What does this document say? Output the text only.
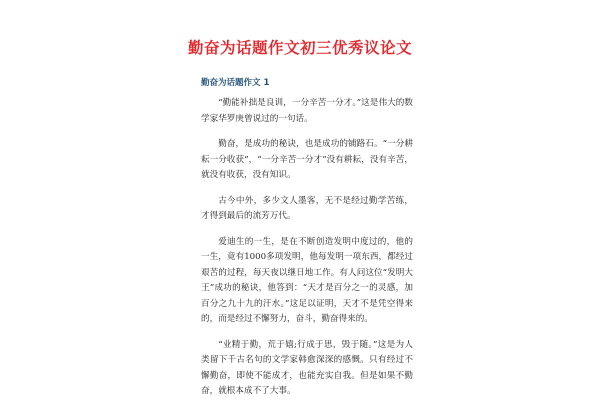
勤奋为话题作文初三优秀议论文
勤奋为话题作文 1

“勤能补拙是良训，一分辛苦一分才。”这是伟大的数学家华罗庚曾说过的一句话。

勤奋，是成功的秘诀，也是成功的铺路石。“一分耕耘一分收获”，“一分辛苦一分才”没有耕耘，没有辛苦，就没有收获，没有知识。

古今中外，多少文人墨客，无不是经过勤学苦练，才得到最后的流芳万代。

爱迪生的一生，是在不断创造发明中度过的，他的一生，竟有1000多项发明，他每发明一项东西，都经过艰苦的过程，每天夜以继日地工作。有人问这位“发明大王”成功的秘诀，他答到：“天才是百分之一的灵感，加百分之九十九的汗水。”这足以证明，天才不是凭空得来的，而是经过不懈努力，奋斗，勤奋得来的。

“业精于勤，荒于嬉;行成于思，毁于随。”这是为人类留下千古名句的文学家韩愈深深的感慨。只有经过不懈勤奋，即使不能成才，也能充实自我。但是如果不勤奋，就根本成不了大事。
